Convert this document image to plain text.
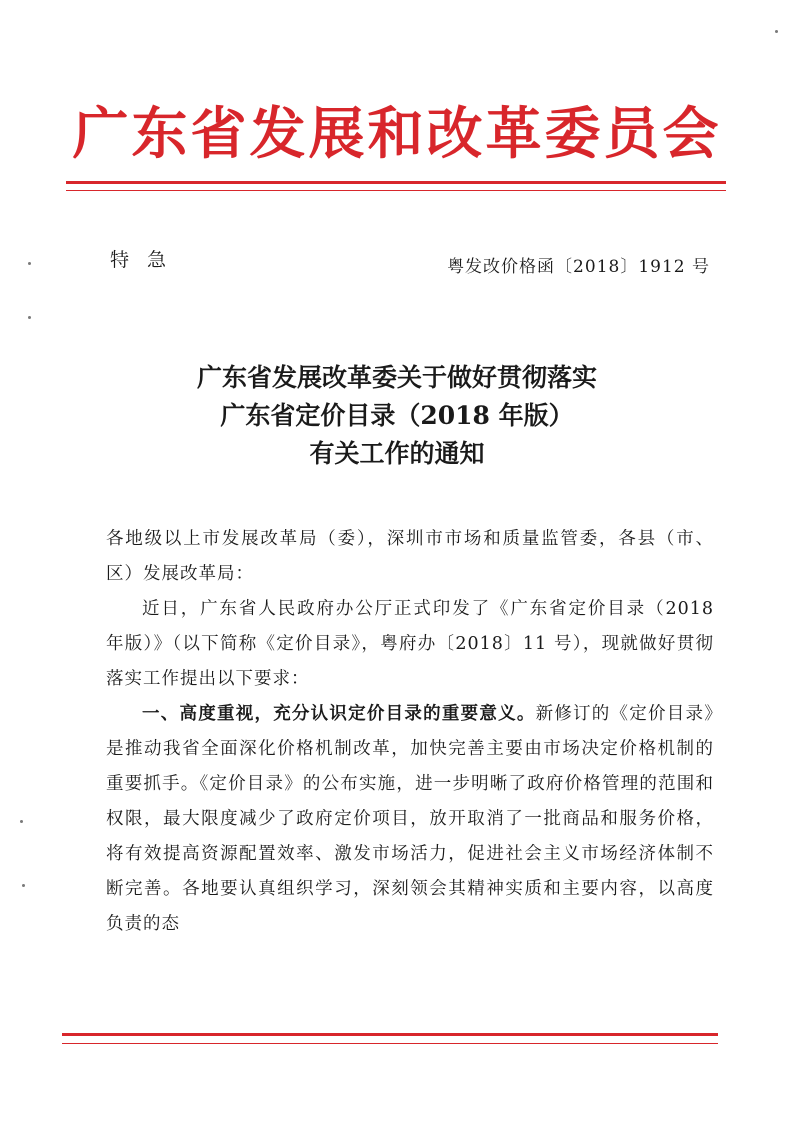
广东省发展和改革委员会
特 急	粤发改价格函〔2018〕1912 号
广东省发展改革委关于做好贯彻落实
广东省定价目录（2018 年版）
有关工作的通知

各地级以上市发展改革局（委），深圳市市场和质量监管委，各县（市、区）发展改革局：

近日，广东省人民政府办公厅正式印发了《广东省定价目录（2018 年版）》（以下简称《定价目录》，粤府办〔2018〕11 号），现就做好贯彻落实工作提出以下要求：

一、高度重视，充分认识定价目录的重要意义。新修订的《定价目录》是推动我省全面深化价格机制改革，加快完善主要由市场决定价格机制的重要抓手。《定价目录》的公布实施，进一步明晰了政府价格管理的范围和权限，最大限度减少了政府定价项目，放开取消了一批商品和服务价格，将有效提高资源配置效率、激发市场活力，促进社会主义市场经济体制不断完善。各地要认真组织学习，深刻领会其精神实质和主要内容，以高度负责的态
